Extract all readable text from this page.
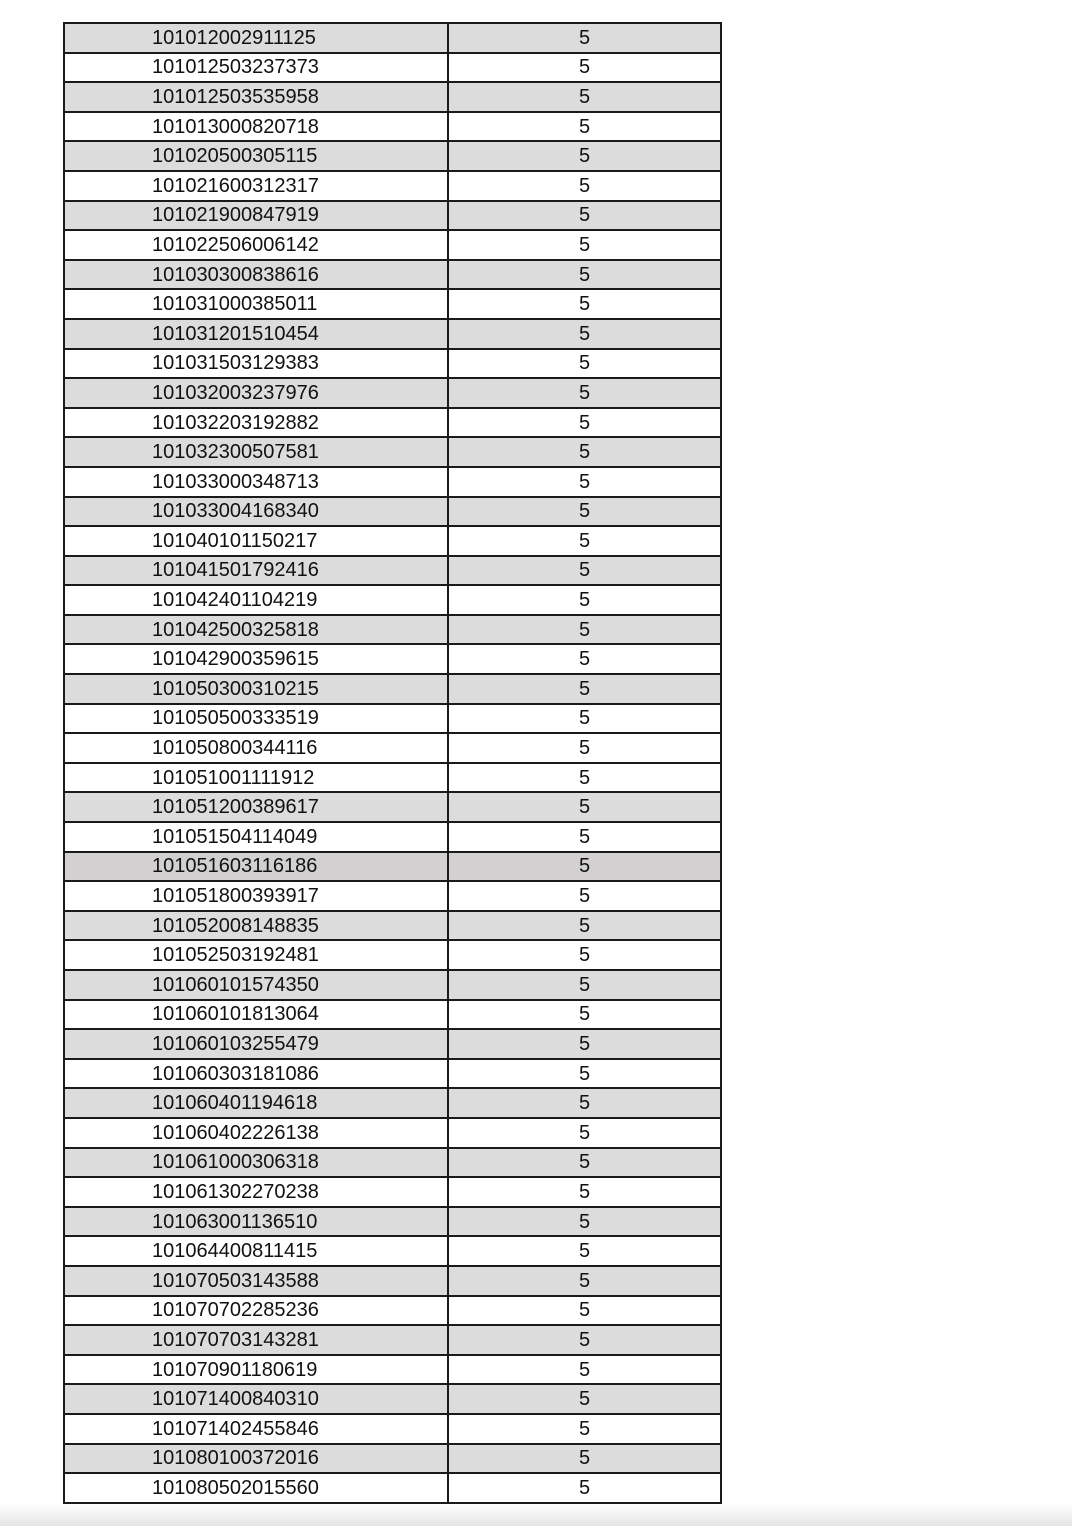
101012002911125	5
101012503237373	5
101012503535958	5
101013000820718	5
101020500305115	5
101021600312317	5
101021900847919	5
101022506006142	5
101030300838616	5
101031000385011	5
101031201510454	5
101031503129383	5
101032003237976	5
101032203192882	5
101032300507581	5
101033000348713	5
101033004168340	5
101040101150217	5
101041501792416	5
101042401104219	5
101042500325818	5
101042900359615	5
101050300310215	5
101050500333519	5
101050800344116	5
101051001111912	5
101051200389617	5
101051504114049	5
101051603116186	5
101051800393917	5
101052008148835	5
101052503192481	5
101060101574350	5
101060101813064	5
101060103255479	5
101060303181086	5
101060401194618	5
101060402226138	5
101061000306318	5
101061302270238	5
101063001136510	5
101064400811415	5
101070503143588	5
101070702285236	5
101070703143281	5
101070901180619	5
101071400840310	5
101071402455846	5
101080100372016	5
101080502015560	5
